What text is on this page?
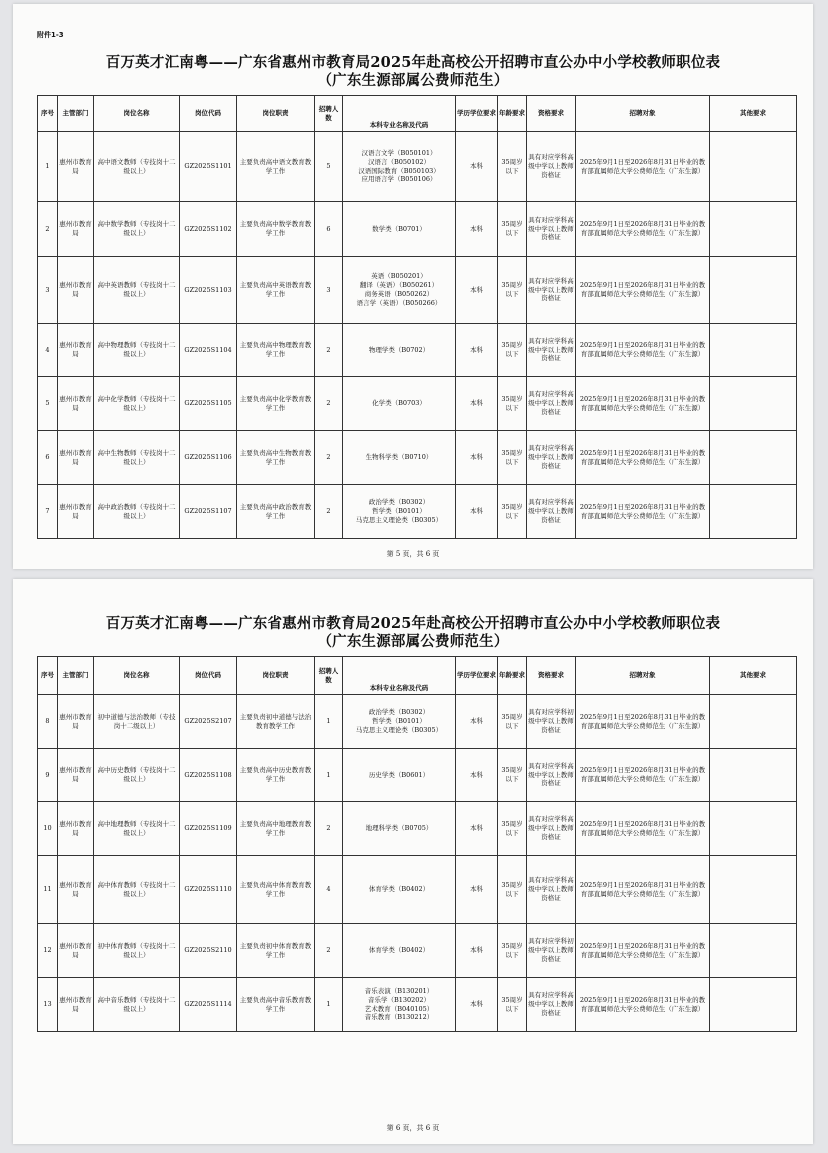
附件1-3
百万英才汇南粤——广东省惠州市教育局2025年赴高校公开招聘市直公办中小学校教师职位表
（广东生源部属公费师范生）
序号	主管部门	岗位名称	岗位代码	岗位职责	招聘人数	本科专业名称及代码	学历学位要求	年龄要求	资格要求	招聘对象	其他要求
1	惠州市教育局	高中语文教师（专技岗十二级以上）	GZ2025S1101	主要负责高中语文教育教学工作	5	汉语言文学（B050101）
汉语言（B050102）
汉语国际教育（B050103）
应用语言学（B050106）	本科	35周岁以下	具有对应学科高级中学以上教师资格证	2025年9月1日至2026年8月31日毕业的教育部直属师范大学公费师范生（广东生源）	
2	惠州市教育局	高中数学教师（专技岗十二级以上）	GZ2025S1102	主要负责高中数学教育教学工作	6	数学类（B0701）	本科	35周岁以下	具有对应学科高级中学以上教师资格证	2025年9月1日至2026年8月31日毕业的教育部直属师范大学公费师范生（广东生源）	
3	惠州市教育局	高中英语教师（专技岗十二级以上）	GZ2025S1103	主要负责高中英语教育教学工作	3	英语（B050201）
翻译（英语）（B050261）
商务英语（B050262）
语言学（英语）（B050266）	本科	35周岁以下	具有对应学科高级中学以上教师资格证	2025年9月1日至2026年8月31日毕业的教育部直属师范大学公费师范生（广东生源）	
4	惠州市教育局	高中物理教师（专技岗十二级以上）	GZ2025S1104	主要负责高中物理教育教学工作	2	物理学类（B0702）	本科	35周岁以下	具有对应学科高级中学以上教师资格证	2025年9月1日至2026年8月31日毕业的教育部直属师范大学公费师范生（广东生源）	
5	惠州市教育局	高中化学教师（专技岗十二级以上）	GZ2025S1105	主要负责高中化学教育教学工作	2	化学类（B0703）	本科	35周岁以下	具有对应学科高级中学以上教师资格证	2025年9月1日至2026年8月31日毕业的教育部直属师范大学公费师范生（广东生源）	
6	惠州市教育局	高中生物教师（专技岗十二级以上）	GZ2025S1106	主要负责高中生物教育教学工作	2	生物科学类（B0710）	本科	35周岁以下	具有对应学科高级中学以上教师资格证	2025年9月1日至2026年8月31日毕业的教育部直属师范大学公费师范生（广东生源）	
7	惠州市教育局	高中政治教师（专技岗十二级以上）	GZ2025S1107	主要负责高中政治教育教学工作	2	政治学类（B0302）
哲学类（B0101）
马克思主义理论类（B0305）	本科	35周岁以下	具有对应学科高级中学以上教师资格证	2025年9月1日至2026年8月31日毕业的教育部直属师范大学公费师范生（广东生源）	
第 5 页，共 6 页
百万英才汇南粤——广东省惠州市教育局2025年赴高校公开招聘市直公办中小学校教师职位表
（广东生源部属公费师范生）
序号	主管部门	岗位名称	岗位代码	岗位职责	招聘人数	本科专业名称及代码	学历学位要求	年龄要求	资格要求	招聘对象	其他要求
8	惠州市教育局	初中道德与法治教师（专技岗十二级以上）	GZ2025S2107	主要负责初中道德与法治教育教学工作	1	政治学类（B0302）
哲学类（B0101）
马克思主义理论类（B0305）	本科	35周岁以下	具有对应学科初级中学以上教师资格证	2025年9月1日至2026年8月31日毕业的教育部直属师范大学公费师范生（广东生源）	
9	惠州市教育局	高中历史教师（专技岗十二级以上）	GZ2025S1108	主要负责高中历史教育教学工作	1	历史学类（B0601）	本科	35周岁以下	具有对应学科高级中学以上教师资格证	2025年9月1日至2026年8月31日毕业的教育部直属师范大学公费师范生（广东生源）	
10	惠州市教育局	高中地理教师（专技岗十二级以上）	GZ2025S1109	主要负责高中地理教育教学工作	2	地理科学类（B0705）	本科	35周岁以下	具有对应学科高级中学以上教师资格证	2025年9月1日至2026年8月31日毕业的教育部直属师范大学公费师范生（广东生源）	
11	惠州市教育局	高中体育教师（专技岗十二级以上）	GZ2025S1110	主要负责高中体育教育教学工作	4	体育学类（B0402）	本科	35周岁以下	具有对应学科高级中学以上教师资格证	2025年9月1日至2026年8月31日毕业的教育部直属师范大学公费师范生（广东生源）	
12	惠州市教育局	初中体育教师（专技岗十二级以上）	GZ2025S2110	主要负责初中体育教育教学工作	2	体育学类（B0402）	本科	35周岁以下	具有对应学科初级中学以上教师资格证	2025年9月1日至2026年8月31日毕业的教育部直属师范大学公费师范生（广东生源）	
13	惠州市教育局	高中音乐教师（专技岗十二级以上）	GZ2025S1114	主要负责高中音乐教育教学工作	1	音乐表演（B130201）
音乐学（B130202）
艺术教育（B040105）
音乐教育（B130212）	本科	35周岁以下	具有对应学科高级中学以上教师资格证	2025年9月1日至2026年8月31日毕业的教育部直属师范大学公费师范生（广东生源）	
第 6 页，共 6 页
